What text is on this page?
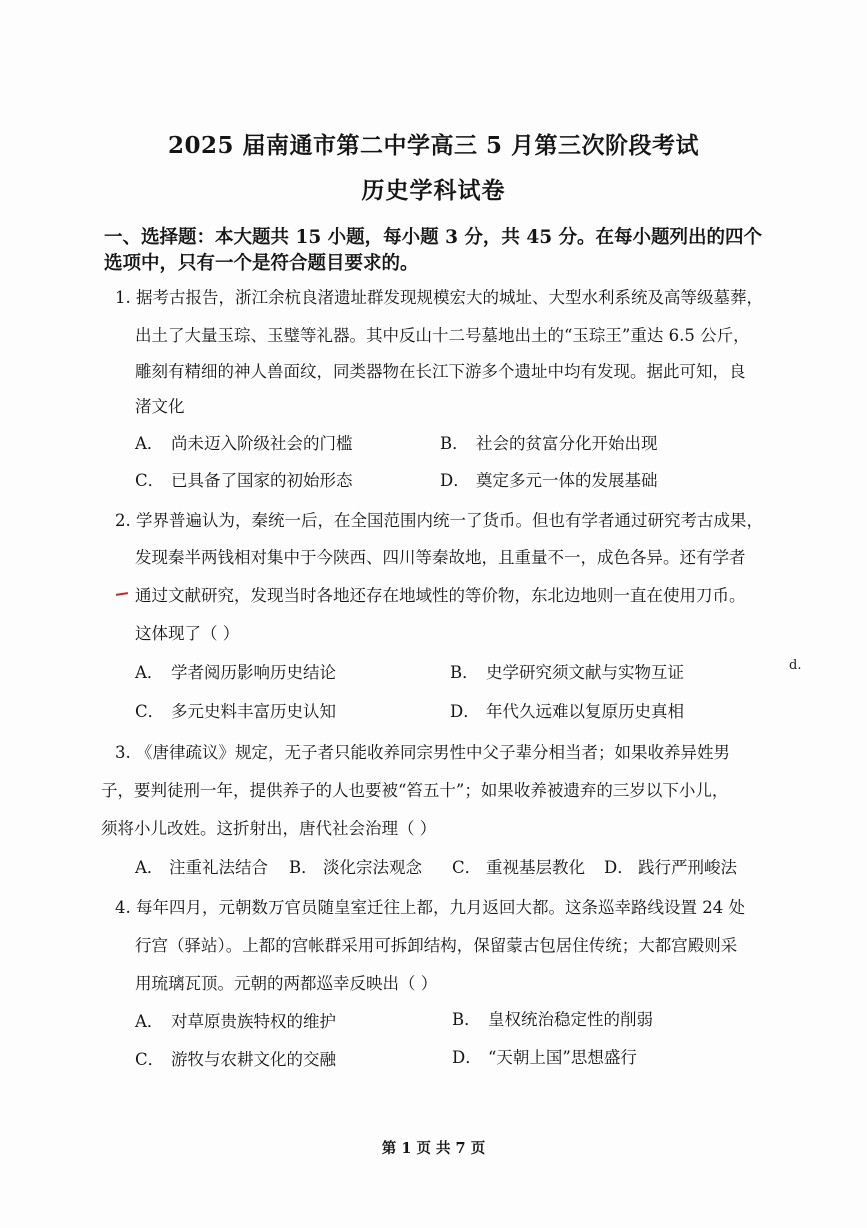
2025 届南通市第二中学高三 5 月第三次阶段考试
历史学科试卷
一、选择题：本大题共 15 小题，每小题 3 分，共 45 分。在每小题列出的四个
选项中，只有一个是符合题目要求的。
1. 据考古报告，浙江余杭良渚遗址群发现规模宏大的城址、大型水利系统及高等级墓葬，
出土了大量玉琮、玉璧等礼器。其中反山十二号墓地出土的“玉琮王”重达 6.5 公斤，
雕刻有精细的神人兽面纹，同类器物在长江下游多个遗址中均有发现。据此可知，良
渚文化
A． 尚未迈入阶级社会的门槛	B． 社会的贫富分化开始出现
C． 已具备了国家的初始形态	D． 奠定多元一体的发展基础
2. 学界普遍认为，秦统一后，在全国范围内统一了货币。但也有学者通过研究考古成果，
发现秦半两钱相对集中于今陕西、四川等秦故地，且重量不一，成色各异。还有学者
通过文献研究，发现当时各地还存在地域性的等价物，东北边地则一直在使用刀币。
这体现了（ ）
A． 学者阅历影响历史结论	B． 史学研究须文献与实物互证	d.
C． 多元史料丰富历史认知	D． 年代久远难以复原历史真相
3. 《唐律疏议》规定，无子者只能收养同宗男性中父子辈分相当者；如果收养异姓男
子，要判徒刑一年，提供养子的人也要被“笞五十”；如果收养被遗弃的三岁以下小儿，
须将小儿改姓。这折射出，唐代社会治理（ ）
A． 注重礼法结合 B． 淡化宗法观念 C． 重视基层教化 D． 践行严刑峻法
4. 每年四月，元朝数万官员随皇室迁往上都，九月返回大都。这条巡幸路线设置 24 处
行宫（驿站）。上都的宫帐群采用可拆卸结构，保留蒙古包居住传统；大都宫殿则采
用琉璃瓦顶。元朝的两都巡幸反映出（ ）
A． 对草原贵族特权的维护	B． 皇权统治稳定性的削弱
C． 游牧与农耕文化的交融	D． “天朝上国”思想盛行
第 1 页 共 7 页
